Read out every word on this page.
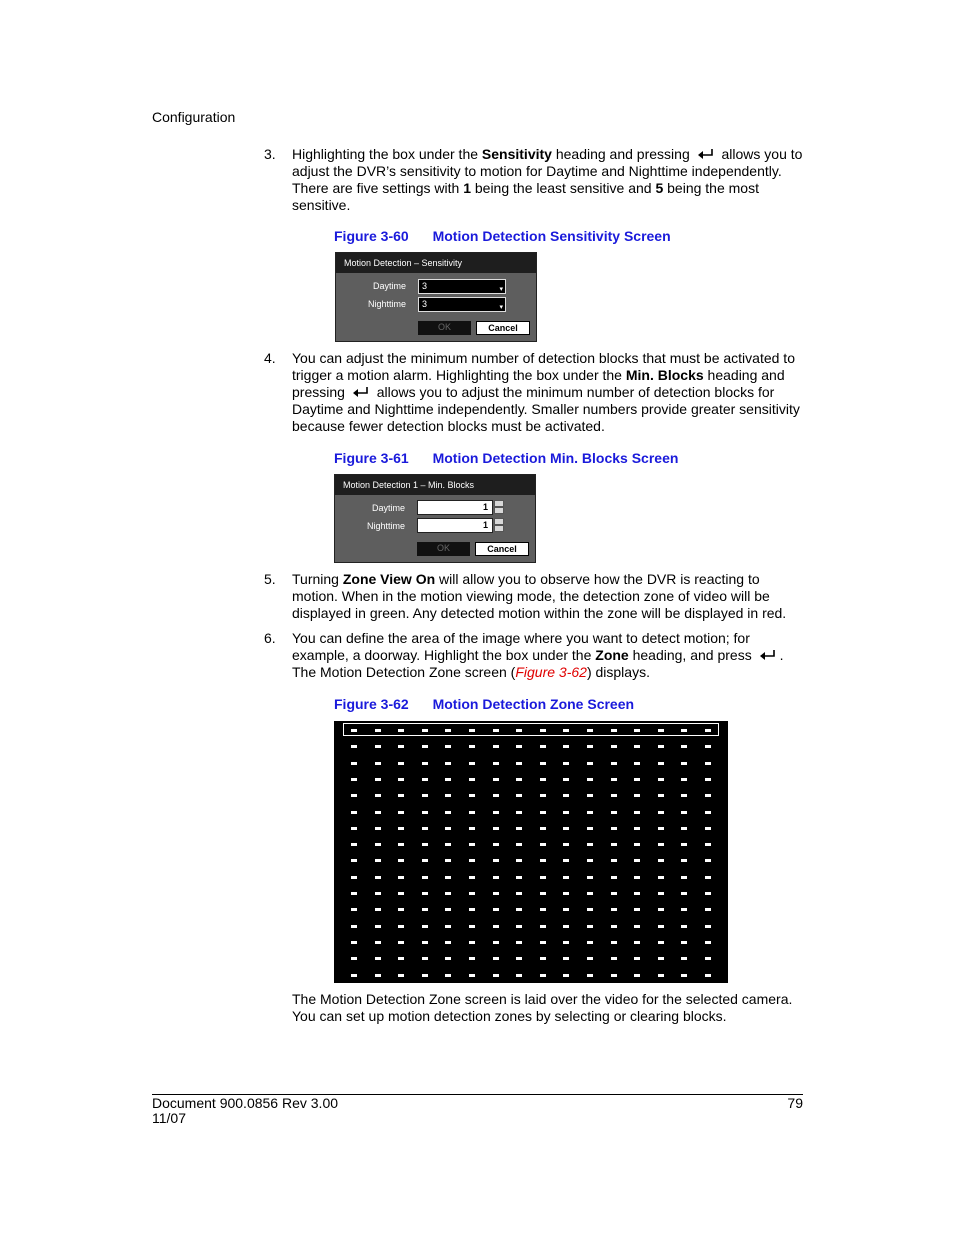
Configuration
3. Highlighting the box under the Sensitivity heading and pressing  allows you to adjust the DVR’s sensitivity to motion for Daytime and Nighttime independently. There are five settings with 1 being the least sensitive and 5 being the most sensitive.
Figure 3-60 Motion Detection Sensitivity Screen
Motion Detection – Sensitivity
Daytime	3	▾
Nighttime	3	▾
OK	Cancel
4. You can adjust the minimum number of detection blocks that must be activated to trigger a motion alarm. Highlighting the box under the Min. Blocks heading and pressing  allows you to adjust the minimum number of detection blocks for Daytime and Nighttime independently. Smaller numbers provide greater sensitivity because fewer detection blocks must be activated.
Figure 3-61 Motion Detection Min. Blocks Screen
Motion Detection 1 – Min. Blocks
Daytime	1
Nighttime	1
OK	Cancel
5. Turning Zone View On will allow you to observe how the DVR is reacting to motion. When in the motion viewing mode, the detection zone of video will be displayed in green. Any detected motion within the zone will be displayed in red.
6. You can define the area of the image where you want to detect motion; for example, a doorway. Highlight the box under the Zone heading, and press . The Motion Detection Zone screen (Figure 3-62) displays.
Figure 3-62 Motion Detection Zone Screen
The Motion Detection Zone screen is laid over the video for the selected camera. You can set up motion detection zones by selecting or clearing blocks.
Document 900.0856 Rev 3.00
11/07
79
